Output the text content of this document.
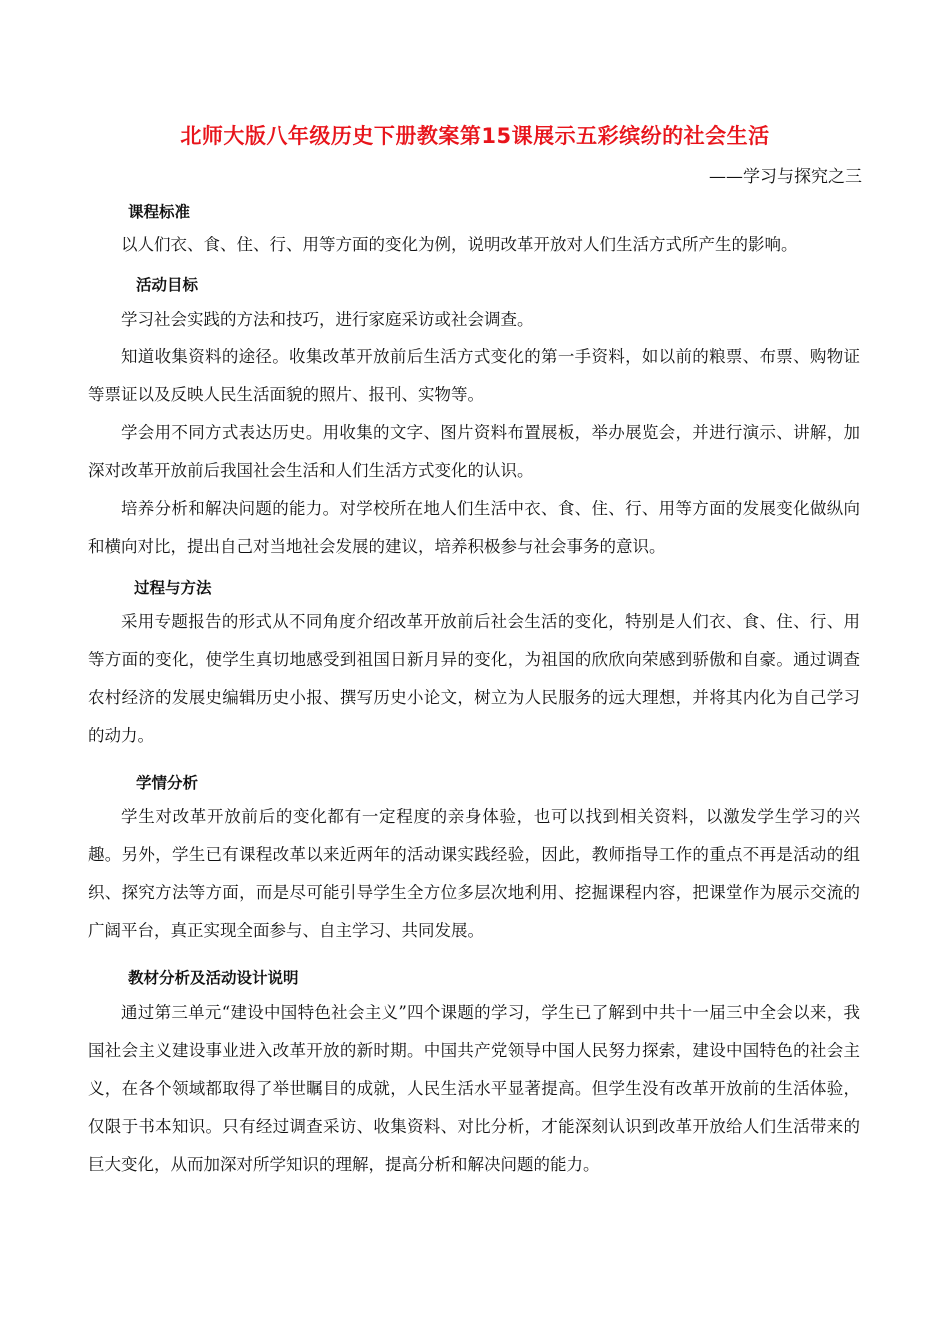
北师大版八年级历史下册教案第15课展示五彩缤纷的社会生活
——学习与探究之三
课程标准
以人们衣、食、住、行、用等方面的变化为例，说明改革开放对人们生活方式所产生的影响。
活动目标
学习社会实践的方法和技巧，进行家庭采访或社会调查。
知道收集资料的途径。收集改革开放前后生活方式变化的第一手资料，如以前的粮票、布票、购物证等票证以及反映人民生活面貌的照片、报刊、实物等。
学会用不同方式表达历史。用收集的文字、图片资料布置展板，举办展览会，并进行演示、讲解，加深对改革开放前后我国社会生活和人们生活方式变化的认识。
培养分析和解决问题的能力。对学校所在地人们生活中衣、食、住、行、用等方面的发展变化做纵向和横向对比，提出自己对当地社会发展的建议，培养积极参与社会事务的意识。
过程与方法
采用专题报告的形式从不同角度介绍改革开放前后社会生活的变化，特别是人们衣、食、住、行、用等方面的变化，使学生真切地感受到祖国日新月异的变化，为祖国的欣欣向荣感到骄傲和自豪。通过调查农村经济的发展史编辑历史小报、撰写历史小论文，树立为人民服务的远大理想，并将其内化为自己学习的动力。
学情分析
学生对改革开放前后的变化都有一定程度的亲身体验，也可以找到相关资料，以激发学生学习的兴趣。另外，学生已有课程改革以来近两年的活动课实践经验，因此，教师指导工作的重点不再是活动的组织、探究方法等方面，而是尽可能引导学生全方位多层次地利用、挖掘课程内容，把课堂作为展示交流的广阔平台，真正实现全面参与、自主学习、共同发展。
教材分析及活动设计说明
通过第三单元“建设中国特色社会主义”四个课题的学习，学生已了解到中共十一届三中全会以来，我国社会主义建设事业进入改革开放的新时期。中国共产党领导中国人民努力探索，建设中国特色的社会主义，在各个领域都取得了举世瞩目的成就，人民生活水平显著提高。但学生没有改革开放前的生活体验，仅限于书本知识。只有经过调查采访、收集资料、对比分析，才能深刻认识到改革开放给人们生活带来的巨大变化，从而加深对所学知识的理解，提高分析和解决问题的能力。
